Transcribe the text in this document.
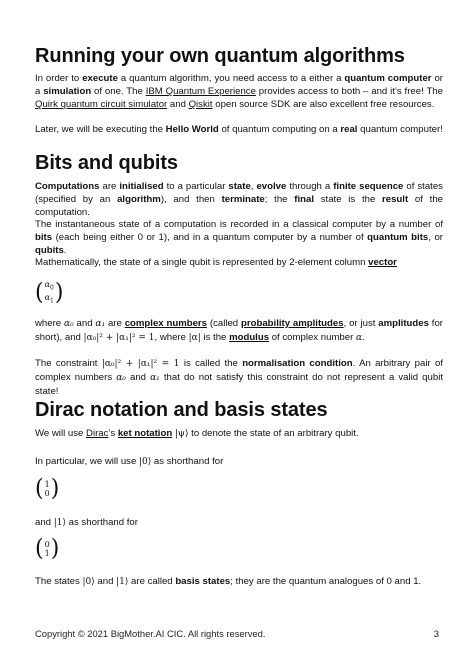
Running your own quantum algorithms

In order to execute a quantum algorithm, you need access to a either a quantum computer or a simulation of one. The IBM Quantum Experience provides access to both – and it’s free! The Quirk quantum circuit simulator and Qiskit open source SDK are also excellent free resources.

Later, we will be executing the Hello World of quantum computing on a real quantum computer!

Bits and qubits

Computations are initialised to a particular state, evolve through a finite sequence of states (specified by an algorithm), and then terminate; the final state is the result of the computation.

The instantaneous state of a computation is recorded in a classical computer by a number of bits (each being either 0 or 1), and in a quantum computer by a number of quantum bits, or qubits.

Mathematically, the state of a single qubit is represented by 2-element column vector

( $\alpha_0$
$\alpha_1$ )

where α₀ and α₁ are complex numbers (called probability amplitudes, or just amplitudes for short), and |α₀|² + |α₁|² = 1, where |α| is the modulus of complex number α.

The constraint |α₀|² + |α₁|² = 1 is called the normalisation condition. An arbitrary pair of complex numbers α₀ and α₁ that do not satisfy this constraint do not represent a valid qubit state!

Dirac notation and basis states

We will use Dirac’s ket notation |ψ⟩ to denote the state of an arbitrary qubit.

In particular, we will use |0⟩ as shorthand for

( 1
0 )

and |1⟩ as shorthand for

( 0
1 )

The states |0⟩ and |1⟩ are called basis states; they are the quantum analogues of 0 and 1.

Copyright © 2021 BigMother.AI CIC. All rights reserved.	3
